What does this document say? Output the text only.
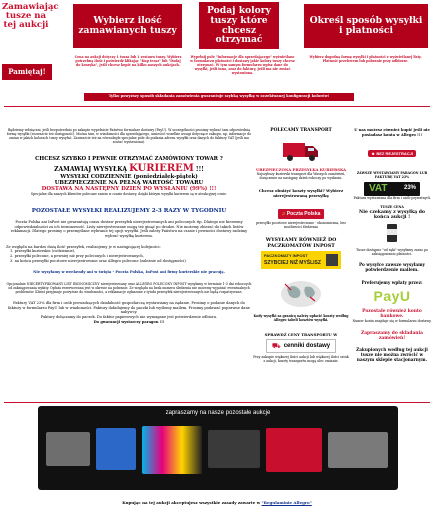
Zamawiając tusze na tej aukcji
Pamiętaj!
Wybierz ilość zamawianych tuszy
Podaj kolory tuszy które chcesz otrzymać
Określ sposób wysyłki i płatności
Cena na aukcji dotyczy 1 tusza lub 1 zestawu tuszy. Wybierz potrzebną ilość i potwierdź klikając "Kup teraz" lub "Dodaj do koszyka", jeśli chcesz kupić na kilku naszych aukcjach.
Wypełnij pole "Informacje dla sprzedającego" wyświetlane w formularzu płatności i dostawy jakie kolory tuszy chcesz otrzymać. W tym samym formularzu wpisz dane do wysyłki, jeśli inna, oraz do faktury, jeśli ma nie zostać wystawiona.
Wybierz dogodną formę wysyłki i płatności z wyświetlanej listy. Płatność przelewem lub pobranie przy odbiorze.
Tylko powyższy sposób składania zamówienia gwarantuje szybką wysyłkę w oczekiwanej konfiguracji kolorów!
Będziemy wdzięczni, jeśli bezpośrednio po zakupie wypełnicie Państwo formularz dostawy (PayU). W szczególności prosimy wybrać tam odpowiednią formę wysyłki (rozważcie też dostępność). Można tam, w wiadomości dla sprzedającego, umieścić wszelkie uwagi dotyczące zakupu, np. informacje do zmian w jakich kolorach tuszy wysyłać. Zauważcie też na równoległe specjalne pole do podania adresu wysyłki oraz danych do faktury VAT (jeśli ma zostać wystawiona).
CHCESZ SZYBKO I PEWNIE OTRZYMAĆ ZAMÓWIONY TOWAR ?
ZAMAWIAJ WYSYŁKĄ KURIEREM !!!
WYSYŁKI CODZIENNIE (poniedziałek-piątek)
UBEZPIECZENIE NA PEŁNĄ WARTOŚĆ TOWARU
DOSTAWA NA NASTĘPNY DZIEŃ PO WYSŁANIU (99%) !!!
Specjalne dla naszych klientów polecane zanim w czasie dostawy, dzięki którym wysyłki kurierem są w atrakcyjnej cenie.
POZOSTAŁE WYSYŁKI REALIZUJEMY 2-3 RAZY W TYGODNIU
Poczta Polska ani InPost nie gwarantują czasu dostaw przesyłek nierejestrowanych ani poleconych itp. Dlatego nie bierzemy odpowiedzialności za ich terminowość. Listy nierejestrowane mogą też ginąć po drodze. Nie możemy zbierać do takich listów reklamacji. Dlatego prosimy o przemyślane wybranie tej opcji wysyłki. Jeśli zależy Państwu na czasie i pewności dostawy radzimy wybrać wysyłkę kurierem.
Ze względu na bardzo dużą ilość przesyłek, realizujemy je w następującej kolejności:
1. przesyłki kurierskie (codziennie),
2. przesyłki polecone, a pewniej niż przy poleconych i nierejestrowanych,
3. na końcu przesyłki pocztowe nierejestrowane oraz Allegro polecone (zależnie od dostępności).
Nie wysyłamy w weekendy ani w święta - Poczta Polska, InPost ani firmy kurierskie nie pracują.
Opcjonalnie NIECERTYFIKOWANY LIST EKONOMICZNY nierejestrowany oraz ALLEGRO POLECONY INPOST wysyłamy w terminie 1-3 dni roboczych od zaksięgowania wpłaty. Opłata rezerwowana jest w okresie na pobranie. Ze względu na brak numeru śledzenia nie możemy wyjaśnić ewentualnych problemów. Klient przyjmuje powyższe do wiadomości, a reklamacje zgłaszane z tytułu przesyłek nierejestrowanych nie będą rozpatrywane.
Faktury VAT 23% dla firm i osób prowadzących działalność gospodarczą wystawiamy na żądanie. Prosimy o podanie danych do faktury w formularzu PayU lub w wiadomości. Faktury doładujemy do paczki lub wyślemy mailem. Prosimy podawać poprawne dane nabywcy.
Faktury dołączamy do paczek. Do faktur papierowych nie wymagane jest potwierdzenie odbioru.
Do gwarancji wystarczy paragon !!!
POLECAMY TRANSPORT
UBEZPIECZONA PRZESYŁKA KURIERSKA
Najszybszy kurierski transport dla Waszych zamówień, doręczenie na następny dzień roboczy po wysłaniu.
Chcesz obniżyć koszty wysyłki? Wybierz nierejestrowaną przesyłkę
♫ Poczta Polska
przesyłki pocztowe nierejestrowane - ekonomiczna, bez możliwości śledzenia
WYSYŁAMY RÓWNIEŻ DO PACZKOMATÓW INPOST
PACZKOMATY INPOST
SZYBCIEJ NIŻ MYŚLISZ
Kody wysyłki za granicę należy opłacić koszty według Allegro tabeli kosztów wysyłki.
SPRAWDŹ CENY TRANSPORTU W
⛟ cenniki dostawy
Przy zakupie większej ilości aukcji lub większej ilości sztuk z aukcji, koszty transportu mogą ulec zmianie.
U nas możesz również kupić jeśli nie posiadasz konta w Allegro !!!
☻ BEZ REJESTRACJI
ZAWSZE WYSTAWIAMY PARAGON LUB FAKTURĘ VAT 23%
VAT	23%
Faktura wystawiana dla firm i osób prywatnych
TUSZE CENA
Nie czekamy z wysyłką do końca aukcji !
Tusze dostępne "od ręki" wysyłamy zaraz po zaksięgowaniu płatności.
Po wysyłce zawsze wysyłamy potwierdzenie mailem.
Preferujemy wpłaty przez:
PayU
Pozostałe również konto bankowe.
Numer konta znajduje się w formularzu dostawy.
Zapraszamy do składania zamówień!
Zakupionych według tej aukcji tusze nie można zwrócić w naszym sklepie stacjonarnym.
zapraszamy na nasze pozostałe aukcje
Kupując na tej aukcji akceptujesz wszystkie zasady zawarte w "Regulaminie Allegro"
